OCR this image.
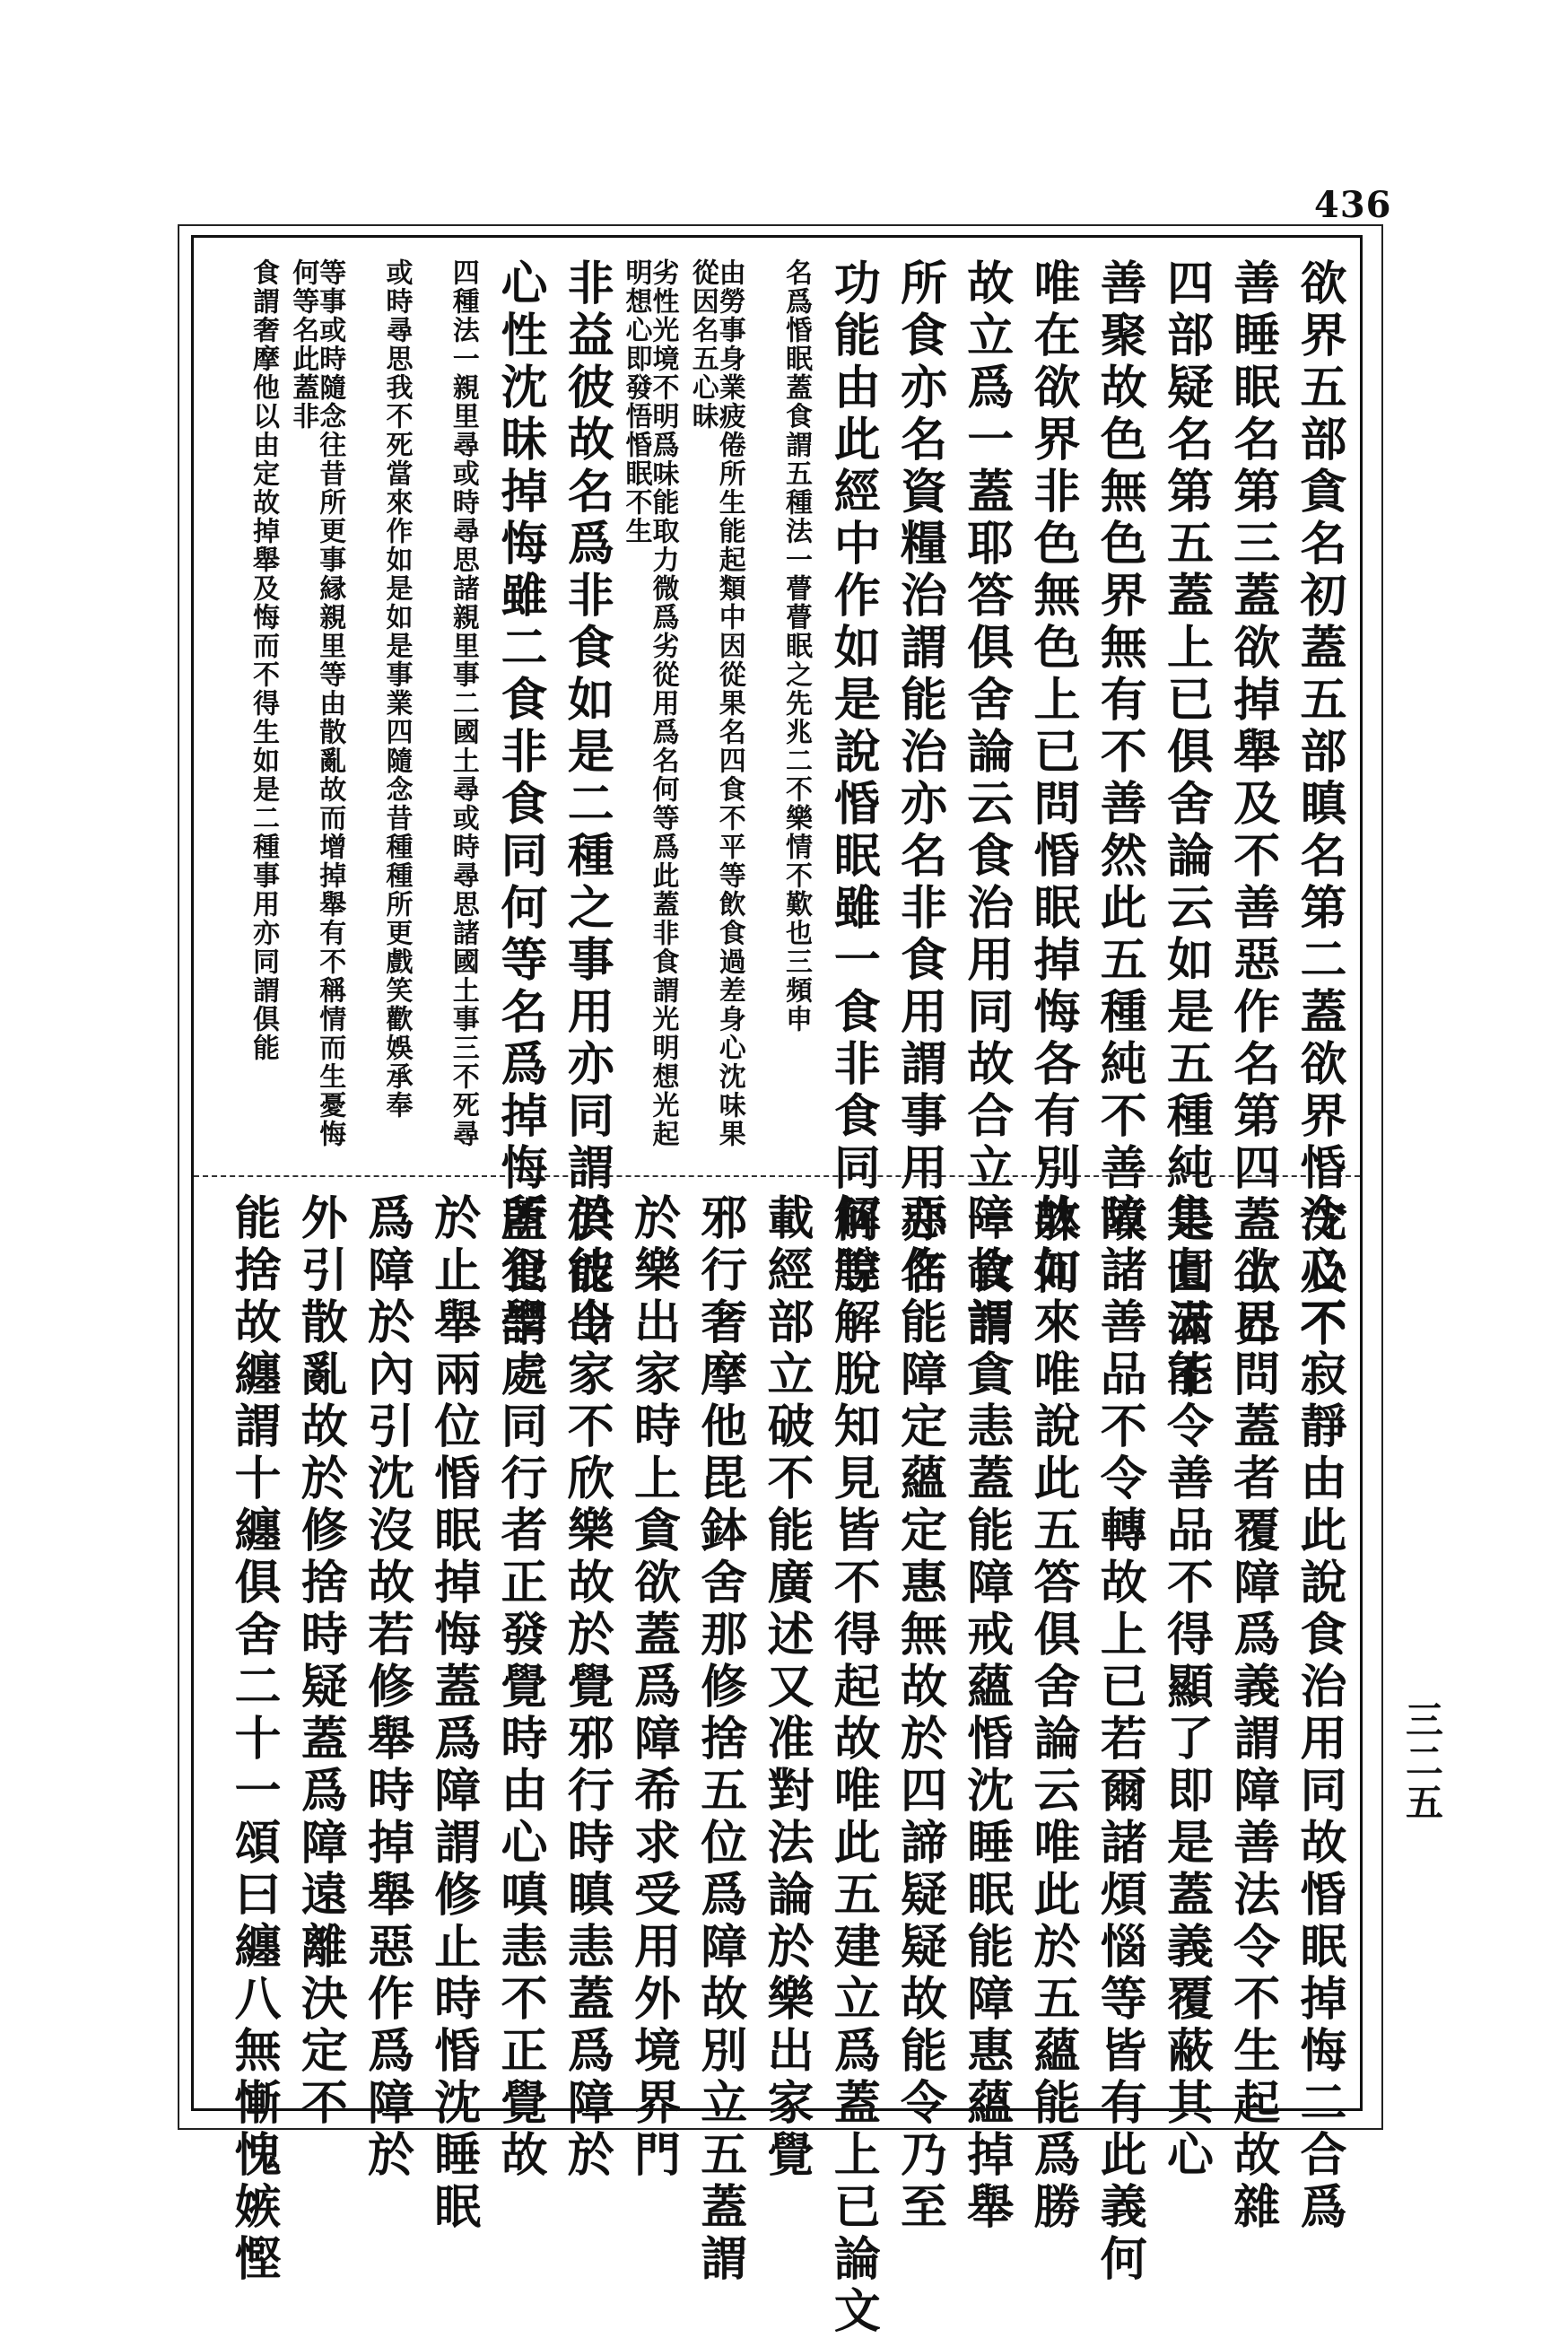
436
欲界五部貪名初蓋五部瞋名第二蓋欲界惛沈及不
善睡眠名第三蓋欲掉舉及不善惡作名第四蓋欲界
四部疑名第五蓋上已俱舍論云如是五種純是圓滿不
善聚故色無色界無有不善然此五種純不善故
唯在欲界非色無色上已問惛眠掉悔各有別躰何
故立爲一蓋耶答俱舍論云食治用同故合立一食謂
所食亦名資糧治謂能治亦名非食用謂事用亦名
功能由此經中作如是說惛眠雖一食非食同何等
名爲惛眠蓋食謂五種法一瞢瞢眠之先兆二不樂情不歎也三頻申
由勞事身業疲倦所生能起類中因從果名四食不平等飲食過差身心沈味果從因名五心昧
劣性光境不明爲味能取力微爲劣從用爲名何等爲此蓋非食謂光明想光起明想心即發悟惛眠不生
非益彼故名爲非食如是二種之事用亦同謂俱能令
心性沈昧掉悔雖二食非食同何等名爲掉悔蓋食謂
四種法一親里尋或時尋思諸親里事二國土尋或時尋思諸國土事三不死尋
或時尋思我不死當來作如是如是事業四隨念昔種種所更戲笑歡娛承奉
等事或時隨念往昔所更事縁親里等由散亂故而增掉舉有不稱情而生憂悔何等名此蓋非
食謂奢摩他以由定故掉舉及悔而不得生如是二種事用亦同謂俱能
令心不寂靜由此說食治用同故惛眠掉悔二合爲
一上已問蓋者覆障爲義謂障善法令不生起故雜
集七云能令善品不得顯了即是蓋義覆蔽其心
障諸善品不令轉故上已若爾諸煩惱等皆有此義何
故如來唯說此五答俱舍論云唯此於五蘊能爲勝
障故謂貪恚蓋能障戒蘊惛沈睡眠能障惠蘊掉舉
惡作能障定蘊定惠無故於四諦疑疑故能令乃至
解脫解脫知見皆不得起故唯此五建立爲蓋上已論文
載經部立破不能廣述又准對法論於樂出家覺
邪行奢摩他毘鉢舍那修捨五位爲障故別立五蓋謂
於樂出家時上貪欲蓋爲障希求受用外境界門
於彼出家不欣樂故於覺邪行時瞋恚蓋爲障於
所犯學處同行者正發覺時由心嗔恚不正覺故
於止舉兩位惛眠掉悔蓋爲障謂修止時惛沈睡眠
爲障於內引沈沒故若修舉時掉舉惡作爲障於
外引散亂故於修捨時疑蓋爲障遠離決定不
能捨故纏謂十纏俱舍二十一頌曰纏八無慚愧嫉慳	三二五
